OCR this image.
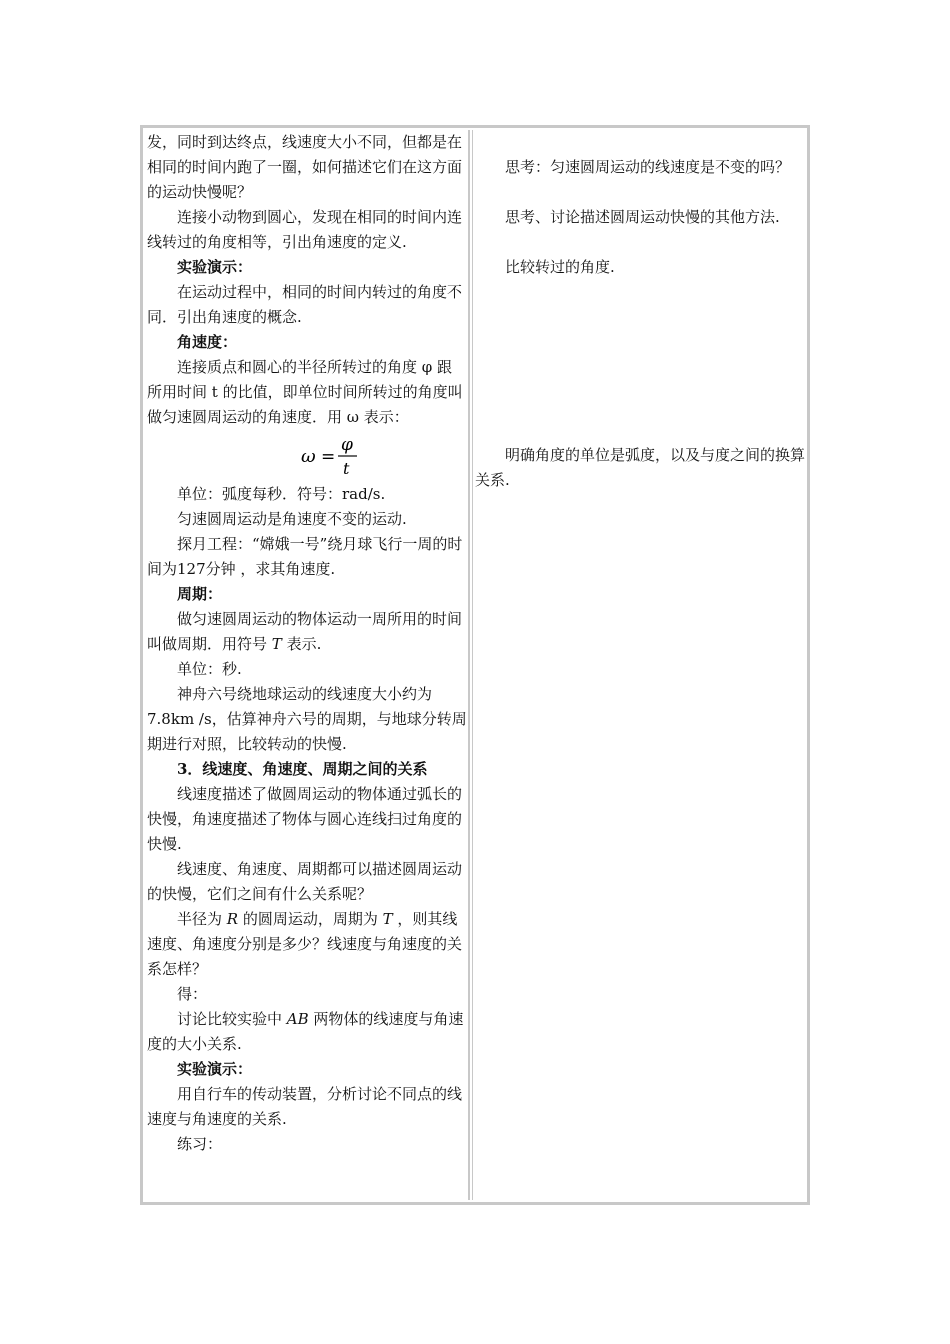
发，同时到达终点，线速度大小不同，但都是在相同的时间内跑了一圈，如何描述它们在这方面的运动快慢呢？

连接小动物到圆心，发现在相同的时间内连线转过的角度相等，引出角速度的定义.

实验演示：

在运动过程中，相同的时间内转过的角度不同．引出角速度的概念.

角速度：

连接质点和圆心的半径所转过的角度 φ 跟所用时间 t 的比值，即单位时间所转过的角度叫做匀速圆周运动的角速度．用 ω 表示：

ω =
φ
t

单位：弧度每秒．符号：rad/s.

匀速圆周运动是角速度不变的运动.

探月工程：“嫦娥一号”绕月球飞行一周的时间为127分钟 ，求其角速度.

周期：

做匀速圆周运动的物体运动一周所用的时间叫做周期．用符号 T 表示.

单位：秒.

神舟六号绕地球运动的线速度大小约为7.8km /s，估算神舟六号的周期，与地球分转周期进行对照，比较转动的快慢.

3．线速度、角速度、周期之间的关系

线速度描述了做圆周运动的物体通过弧长的快慢，角速度描述了物体与圆心连线扫过角度的快慢.

线速度、角速度、周期都可以描述圆周运动的快慢，它们之间有什么关系呢？

半径为 R 的圆周运动，周期为 T ，则其线速度、角速度分别是多少？线速度与角速度的关系怎样？

得：

讨论比较实验中 AB 两物体的线速度与角速度的大小关系.

实验演示：

用自行车的传动装置，分析讨论不同点的线速度与角速度的关系.

练习：

思考：匀速圆周运动的线速度是不变的吗？

思考、讨论描述圆周运动快慢的其他方法.

比较转过的角度.

明确角度的单位是弧度，以及与度之间的换算关系.
